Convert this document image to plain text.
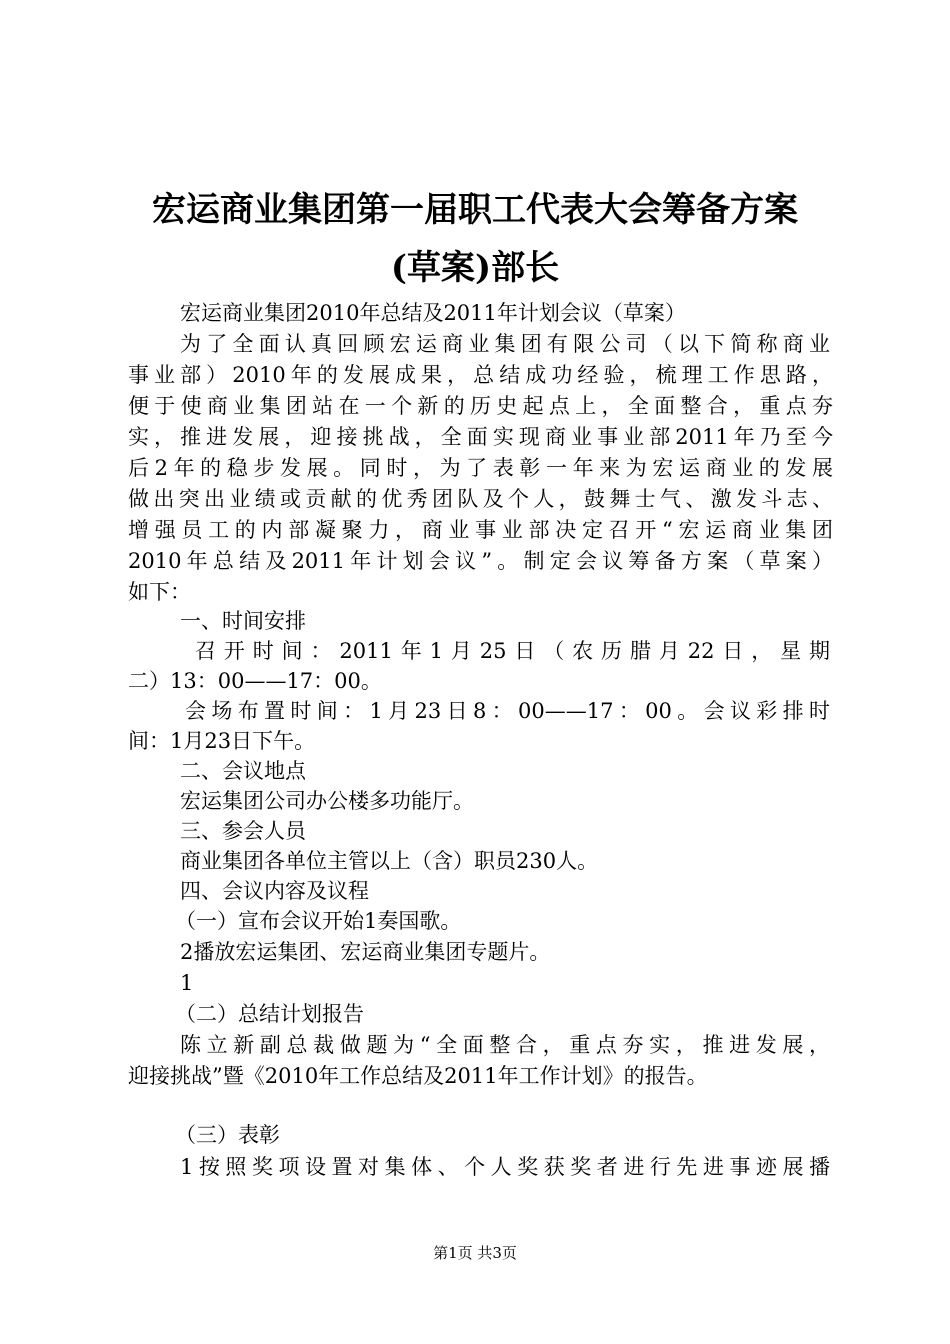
宏运商业集团第一届职工代表大会筹备方案
(草案)部长
宏运商业集团2010年总结及2011年计划会议（草案）
为了全面认真回顾宏运商业集团有限公司（以下简称商业
事业部）2010年的发展成果，总结成功经验，梳理工作思路，
便于使商业集团站在一个新的历史起点上，全面整合，重点夯
实，推进发展，迎接挑战，全面实现商业事业部2011年乃至今
后2年的稳步发展。同时，为了表彰一年来为宏运商业的发展
做出突出业绩或贡献的优秀团队及个人，鼓舞士气、激发斗志、
增强员工的内部凝聚力，商业事业部决定召开“宏运商业集团
2010年总结及2011年计划会议”。制定会议筹备方案（草案）
如下：
一、时间安排
召开时间：2011年1月25日（农历腊月22日，星期
二）13：00——17：00。
会场布置时间：1月23日8：00——17：00。会议彩排时
间：1月23日下午。
二、会议地点
宏运集团公司办公楼多功能厅。
三、参会人员
商业集团各单位主管以上（含）职员230人。
四、会议内容及议程
（一）宣布会议开始1奏国歌。
2播放宏运集团、宏运商业集团专题片。
1
（二）总结计划报告
陈立新副总裁做题为“全面整合，重点夯实，推进发展，
迎接挑战”暨《2010年工作总结及2011年工作计划》的报告。
（三）表彰
1按照奖项设置对集体、个人奖获奖者进行先进事迹展播
第1页 共3页
